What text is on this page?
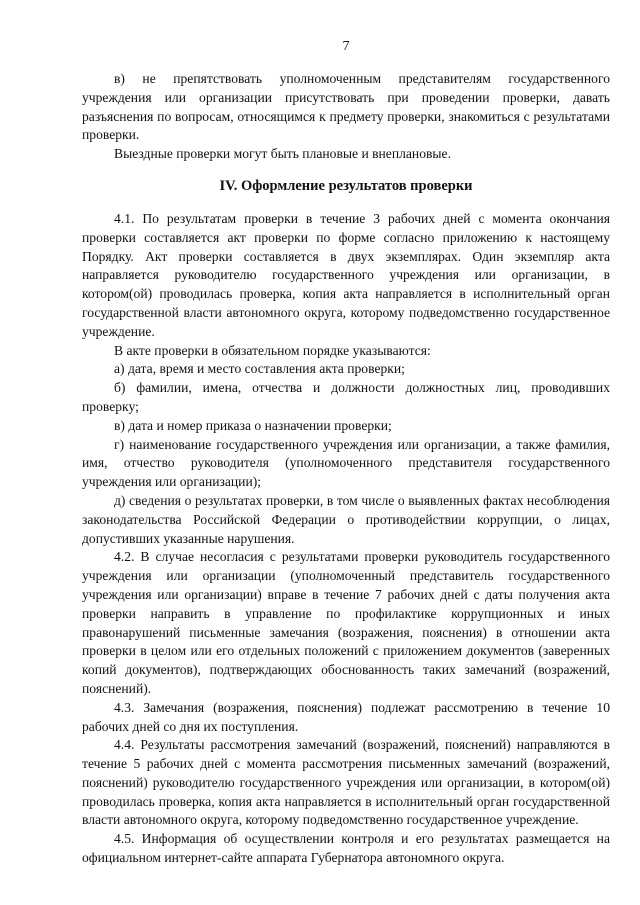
7

в) не препятствовать уполномоченным представителям государственного учреждения или организации присутствовать при проведении проверки, давать разъяснения по вопросам, относящимся к предмету проверки, знакомиться с результатами проверки.

Выездные проверки могут быть плановые и внеплановые.

IV. Оформление результатов проверки

4.1. По результатам проверки в течение 3 рабочих дней с момента окончания проверки составляется акт проверки по форме согласно приложению к настоящему Порядку. Акт проверки составляется в двух экземплярах. Один экземпляр акта направляется руководителю государственного учреждения или организации, в котором(ой) проводилась проверка, копия акта направляется в исполнительный орган государственной власти автономного округа, которому подведомственно государственное учреждение.

В акте проверки в обязательном порядке указываются:

а) дата, время и место составления акта проверки;

б) фамилии, имена, отчества и должности должностных лиц, проводивших проверку;

в) дата и номер приказа о назначении проверки;

г) наименование государственного учреждения или организации, а также фамилия, имя, отчество руководителя (уполномоченного представителя государственного учреждения или организации);

д) сведения о результатах проверки, в том числе о выявленных фактах несоблюдения законодательства Российской Федерации о противодействии коррупции, о лицах, допустивших указанные нарушения.

4.2. В случае несогласия с результатами проверки руководитель государственного учреждения или организации (уполномоченный представитель государственного учреждения или организации) вправе в течение 7 рабочих дней с даты получения акта проверки направить в управление по профилактике коррупционных и иных правонарушений письменные замечания (возражения, пояснения) в отношении акта проверки в целом или его отдельных положений с приложением документов (заверенных копий документов), подтверждающих обоснованность таких замечаний (возражений, пояснений).

4.3. Замечания (возражения, пояснения) подлежат рассмотрению в течение 10 рабочих дней со дня их поступления.

4.4. Результаты рассмотрения замечаний (возражений, пояснений) направляются в течение 5 рабочих дней с момента рассмотрения письменных замечаний (возражений, пояснений) руководителю государственного учреждения или организации, в котором(ой) проводилась проверка, копия акта направляется в исполнительный орган государственной власти автономного округа, которому подведомственно государственное учреждение.

4.5. Информация об осуществлении контроля и его результатах размещается на официальном интернет-сайте аппарата Губернатора автономного округа.
